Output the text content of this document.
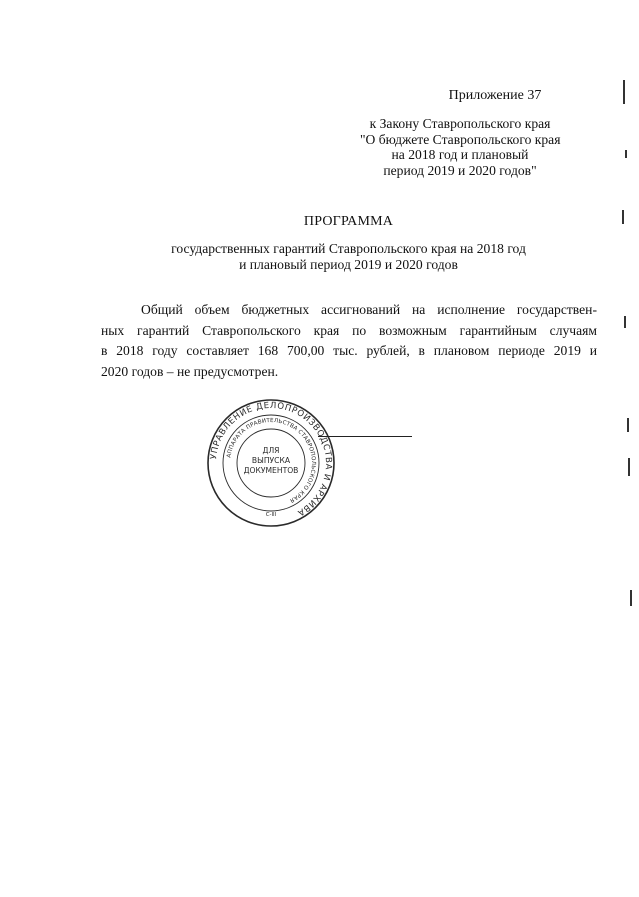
Приложение 37
к Закону Ставропольского края
"О бюджете Ставропольского края
на 2018 год и плановый
период 2019 и 2020 годов"
ПРОГРАММА
государственных гарантий Ставропольского края на 2018 год
и плановый период 2019 и 2020 годов
Общий объем бюджетных ассигнований на исполнение государствен-
ных гарантий Ставропольского края по возможным гарантийным случаям
в 2018 году составляет 168 700,00 тыс. рублей, в плановом периоде 2019 и
2020 годов – не предусмотрен.
УПРАВЛЕНИЕ ДЕЛОПРОИЗВОДСТВА И АРХИВА
АППАРАТА ПРАВИТЕЛЬСТВА СТАВРОПОЛЬСКОГО КРАЯ
ДЛЯ
ВЫПУСКА
ДОКУМЕНТОВ
С-III
